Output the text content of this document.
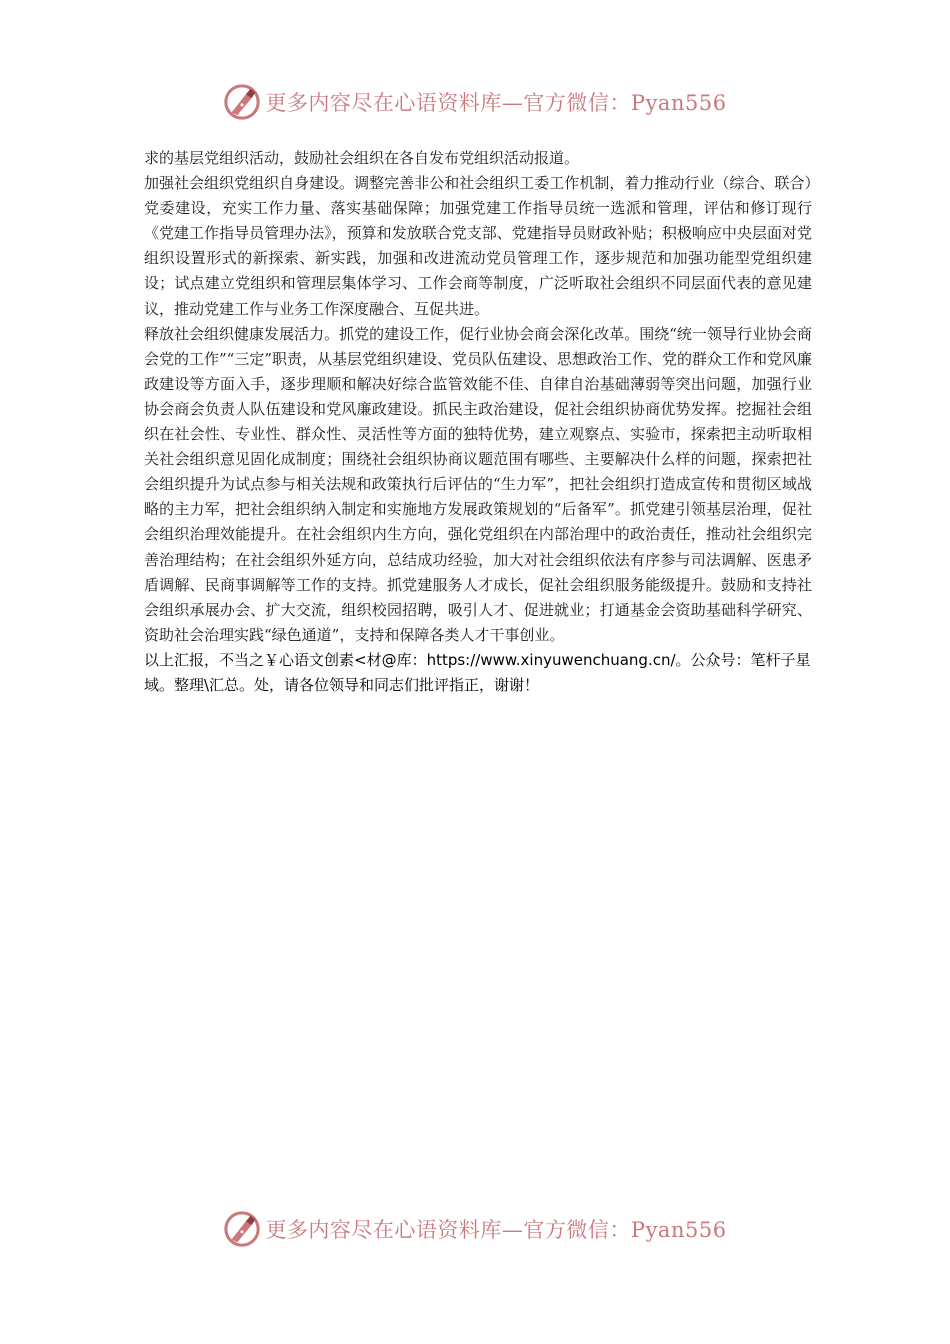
更多内容尽在心语资料库—官方微信：Pyan556

求的基层党组织活动，鼓励社会组织在各自发布党组织活动报道。

加强社会组织党组织自身建设。调整完善非公和社会组织工委工作机制，着力推动行业（综合、联合）党委建设，充实工作力量、落实基础保障；加强党建工作指导员统一选派和管理，评估和修订现行《党建工作指导员管理办法》，预算和发放联合党支部、党建指导员财政补贴；积极响应中央层面对党组织设置形式的新探索、新实践，加强和改进流动党员管理工作，逐步规范和加强功能型党组织建设；试点建立党组织和管理层集体学习、工作会商等制度，广泛听取社会组织不同层面代表的意见建议，推动党建工作与业务工作深度融合、互促共进。

释放社会组织健康发展活力。抓党的建设工作，促行业协会商会深化改革。围绕“统一领导行业协会商会党的工作”“三定”职责，从基层党组织建设、党员队伍建设、思想政治工作、党的群众工作和党风廉政建设等方面入手，逐步理顺和解决好综合监管效能不佳、自律自治基础薄弱等突出问题，加强行业协会商会负责人队伍建设和党风廉政建设。抓民主政治建设，促社会组织协商优势发挥。挖掘社会组织在社会性、专业性、群众性、灵活性等方面的独特优势，建立观察点、实验市，探索把主动听取相关社会组织意见固化成制度；围绕社会组织协商议题范围有哪些、主要解决什么样的问题，探索把社会组织提升为试点参与相关法规和政策执行后评估的“生力军”，把社会组织打造成宣传和贯彻区域战略的主力军，把社会组织纳入制定和实施地方发展政策规划的“后备军”。抓党建引领基层治理，促社会组织治理效能提升。在社会组织内生方向，强化党组织在内部治理中的政治责任，推动社会组织完善治理结构；在社会组织外延方向，总结成功经验，加大对社会组织依法有序参与司法调解、医患矛盾调解、民商事调解等工作的支持。抓党建服务人才成长，促社会组织服务能级提升。鼓励和支持社会组织承展办会、扩大交流，组织校园招聘，吸引人才、促进就业；打通基金会资助基础科学研究、资助社会治理实践“绿色通道”，支持和保障各类人才干事创业。

以上汇报，不当之￥心语文创素<材@库：https://www.xinyuwenchuang.cn/。公众号：笔杆子星域。整理\汇总。处，请各位领导和同志们批评指正，谢谢！

更多内容尽在心语资料库—官方微信：Pyan556
